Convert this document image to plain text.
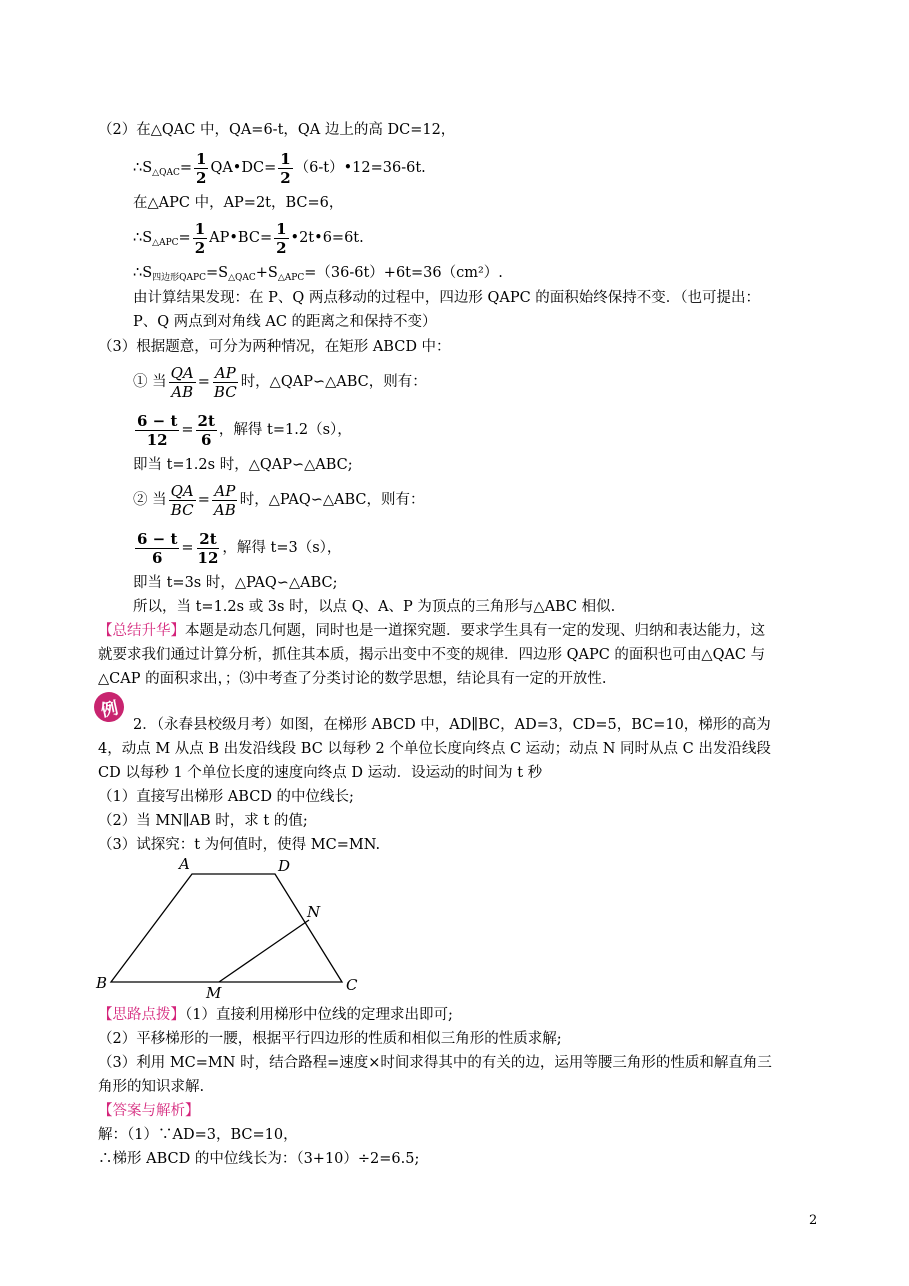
（2）在△QAC 中，QA=6-t，QA 边上的高 DC=12，
$\therefore S_{\triangle QAC}= \frac{1}{2}$ QA•DC= $\frac{1}{2}$ （6-t）•12=36-6t.
在△APC 中，AP=2t，BC=6，
$\therefore S_{\triangle APC}= \frac{1}{2}$ AP•BC= $\frac{1}{2}$ •2t•6=6t.
$\therefore S_{四边形QAPC}=S_{\triangle QAC}+S_{\triangle APC}=(36-6t)+6t=36(cm^2)$.
由计算结果发现：在 P、Q 两点移动的过程中，四边形 QAPC 的面积始终保持不变．（也可提出：
P、Q 两点到对角线 AC 的距离之和保持不变）
（3）根据题意，可分为两种情况，在矩形 ABCD 中：
① 当 $\frac{QA}{AB} = \frac{AP}{BC}$ 时，△QAP∽△ABC，则有：
$\frac{6 - t}{12} = \frac{2t}{6}$ ，解得 t=1.2（s），
即当 t=1.2s 时，△QAP∽△ABC;
② 当 $\frac{QA}{BC} = \frac{AP}{AB}$ 时，△PAQ∽△ABC，则有：
$\frac{6 - t}{6} = \frac{2t}{12}$ ，解得 t=3（s），
即当 t=3s 时，△PAQ∽△ABC;
所以，当 t=1.2s 或 3s 时，以点 Q、A、P 为顶点的三角形与△ABC 相似.
【总结升华】本题是动态几何题，同时也是一道探究题．要求学生具有一定的发现、归纳和表达能力，这
就要求我们通过计算分析，抓住其本质，揭示出变中不变的规律．四边形 QAPC 的面积也可由△QAC 与
△CAP 的面积求出，；⑶中考查了分类讨论的数学思想，结论具有一定的开放性.
例
2．（永春县校级月考）如图，在梯形 ABCD 中，AD∥BC，AD=3，CD=5，BC=10，梯形的高为
4，动点 M 从点 B 出发沿线段 BC 以每秒 2 个单位长度向终点 C 运动；动点 N 同时从点 C 出发沿线段
CD 以每秒 1 个单位长度的速度向终点 D 运动．设运动的时间为 t 秒
（1）直接写出梯形 ABCD 的中位线长;
（2）当 MN∥AB 时，求 t 的值;
（3）试探究：t 为何值时，使得 MC=MN.
A	D
N
B
M	C
【思路点拨】（1）直接利用梯形中位线的定理求出即可;
（2）平移梯形的一腰，根据平行四边形的性质和相似三角形的性质求解;
（3）利用 MC=MN 时，结合路程=速度×时间求得其中的有关的边，运用等腰三角形的性质和解直角三
角形的知识求解.
【答案与解析】
解：（1）∵AD=3，BC=10，
∴梯形 ABCD 的中位线长为：（3+10）÷2=6.5;
2
